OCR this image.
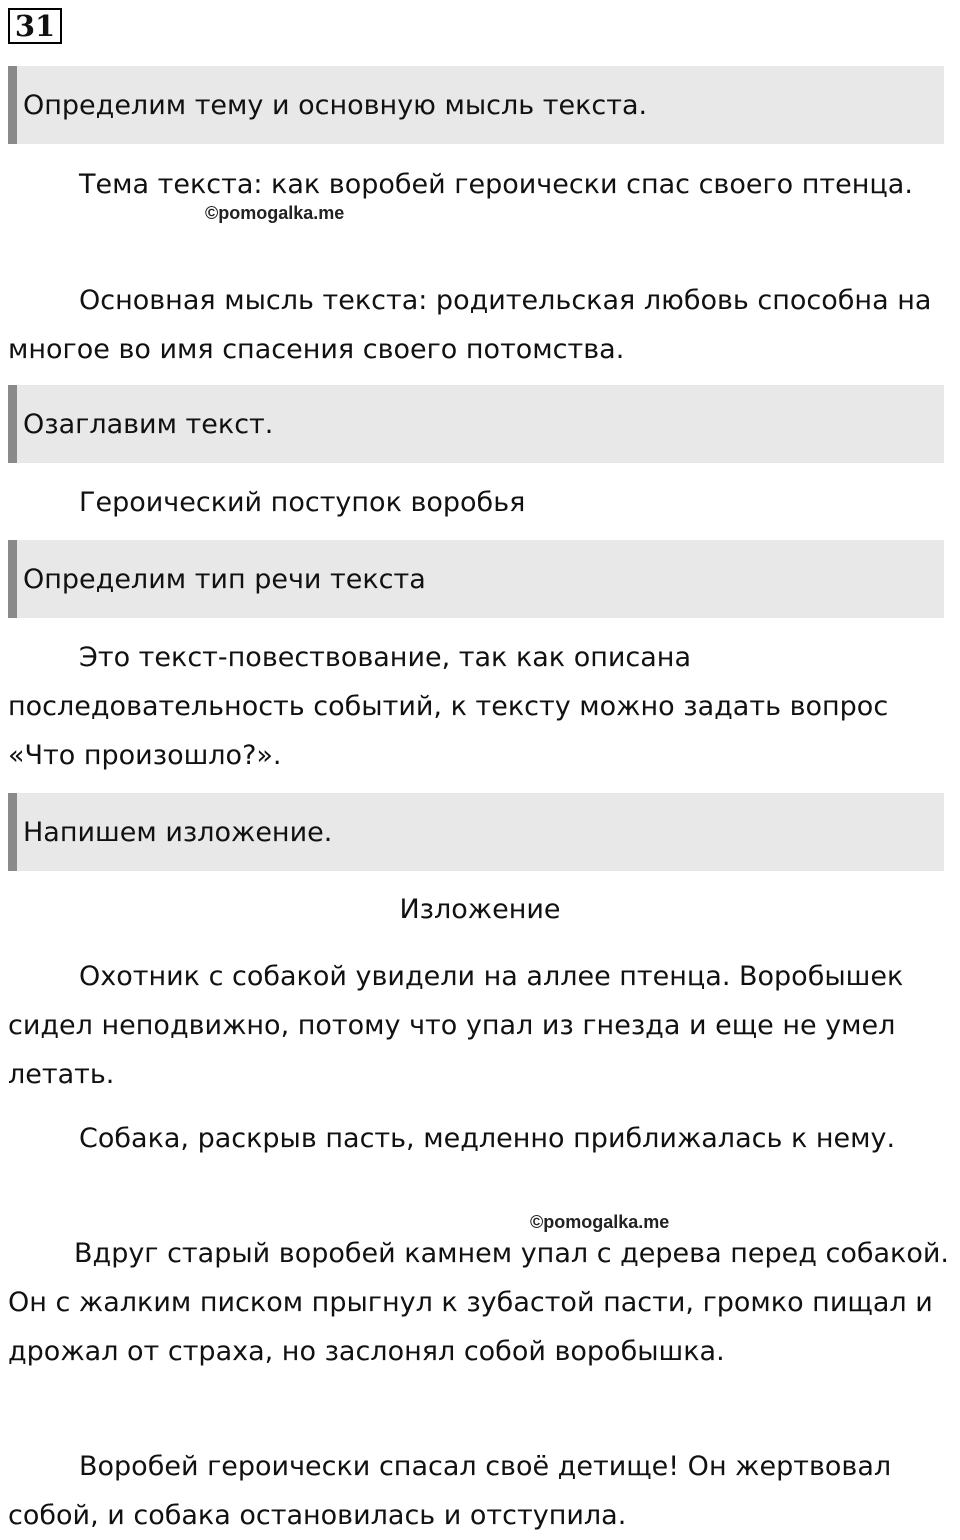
31
Определим тему и основную мысль текста.

Тема текста: как воробей героически спас своего птенца.

©pomogalka.me

Основная мысль текста: родительская любовь способна на многое во имя спасения своего потомства.

Озаглавим текст.

Героический поступок воробья

Определим тип речи текста

Это текст-повествование, так как описана последовательность событий, к тексту можно задать вопрос «Что произошло?».

Напишем изложение.
Изложение

Охотник с собакой увидели на аллее птенца. Воробышек сидел неподвижно, потому что упал из гнезда и еще не умел летать.

Собака, раскрыв пасть, медленно приближалась к нему.

©pomogalka.me

Вдруг старый воробей камнем упал с дерева перед собакой. Он с жалким писком прыгнул к зубастой пасти, громко пищал и дрожал от страха, но заслонял собой воробышка.

Воробей героически спасал своё детище! Он жертвовал собой, и собака остановилась и отступила.
